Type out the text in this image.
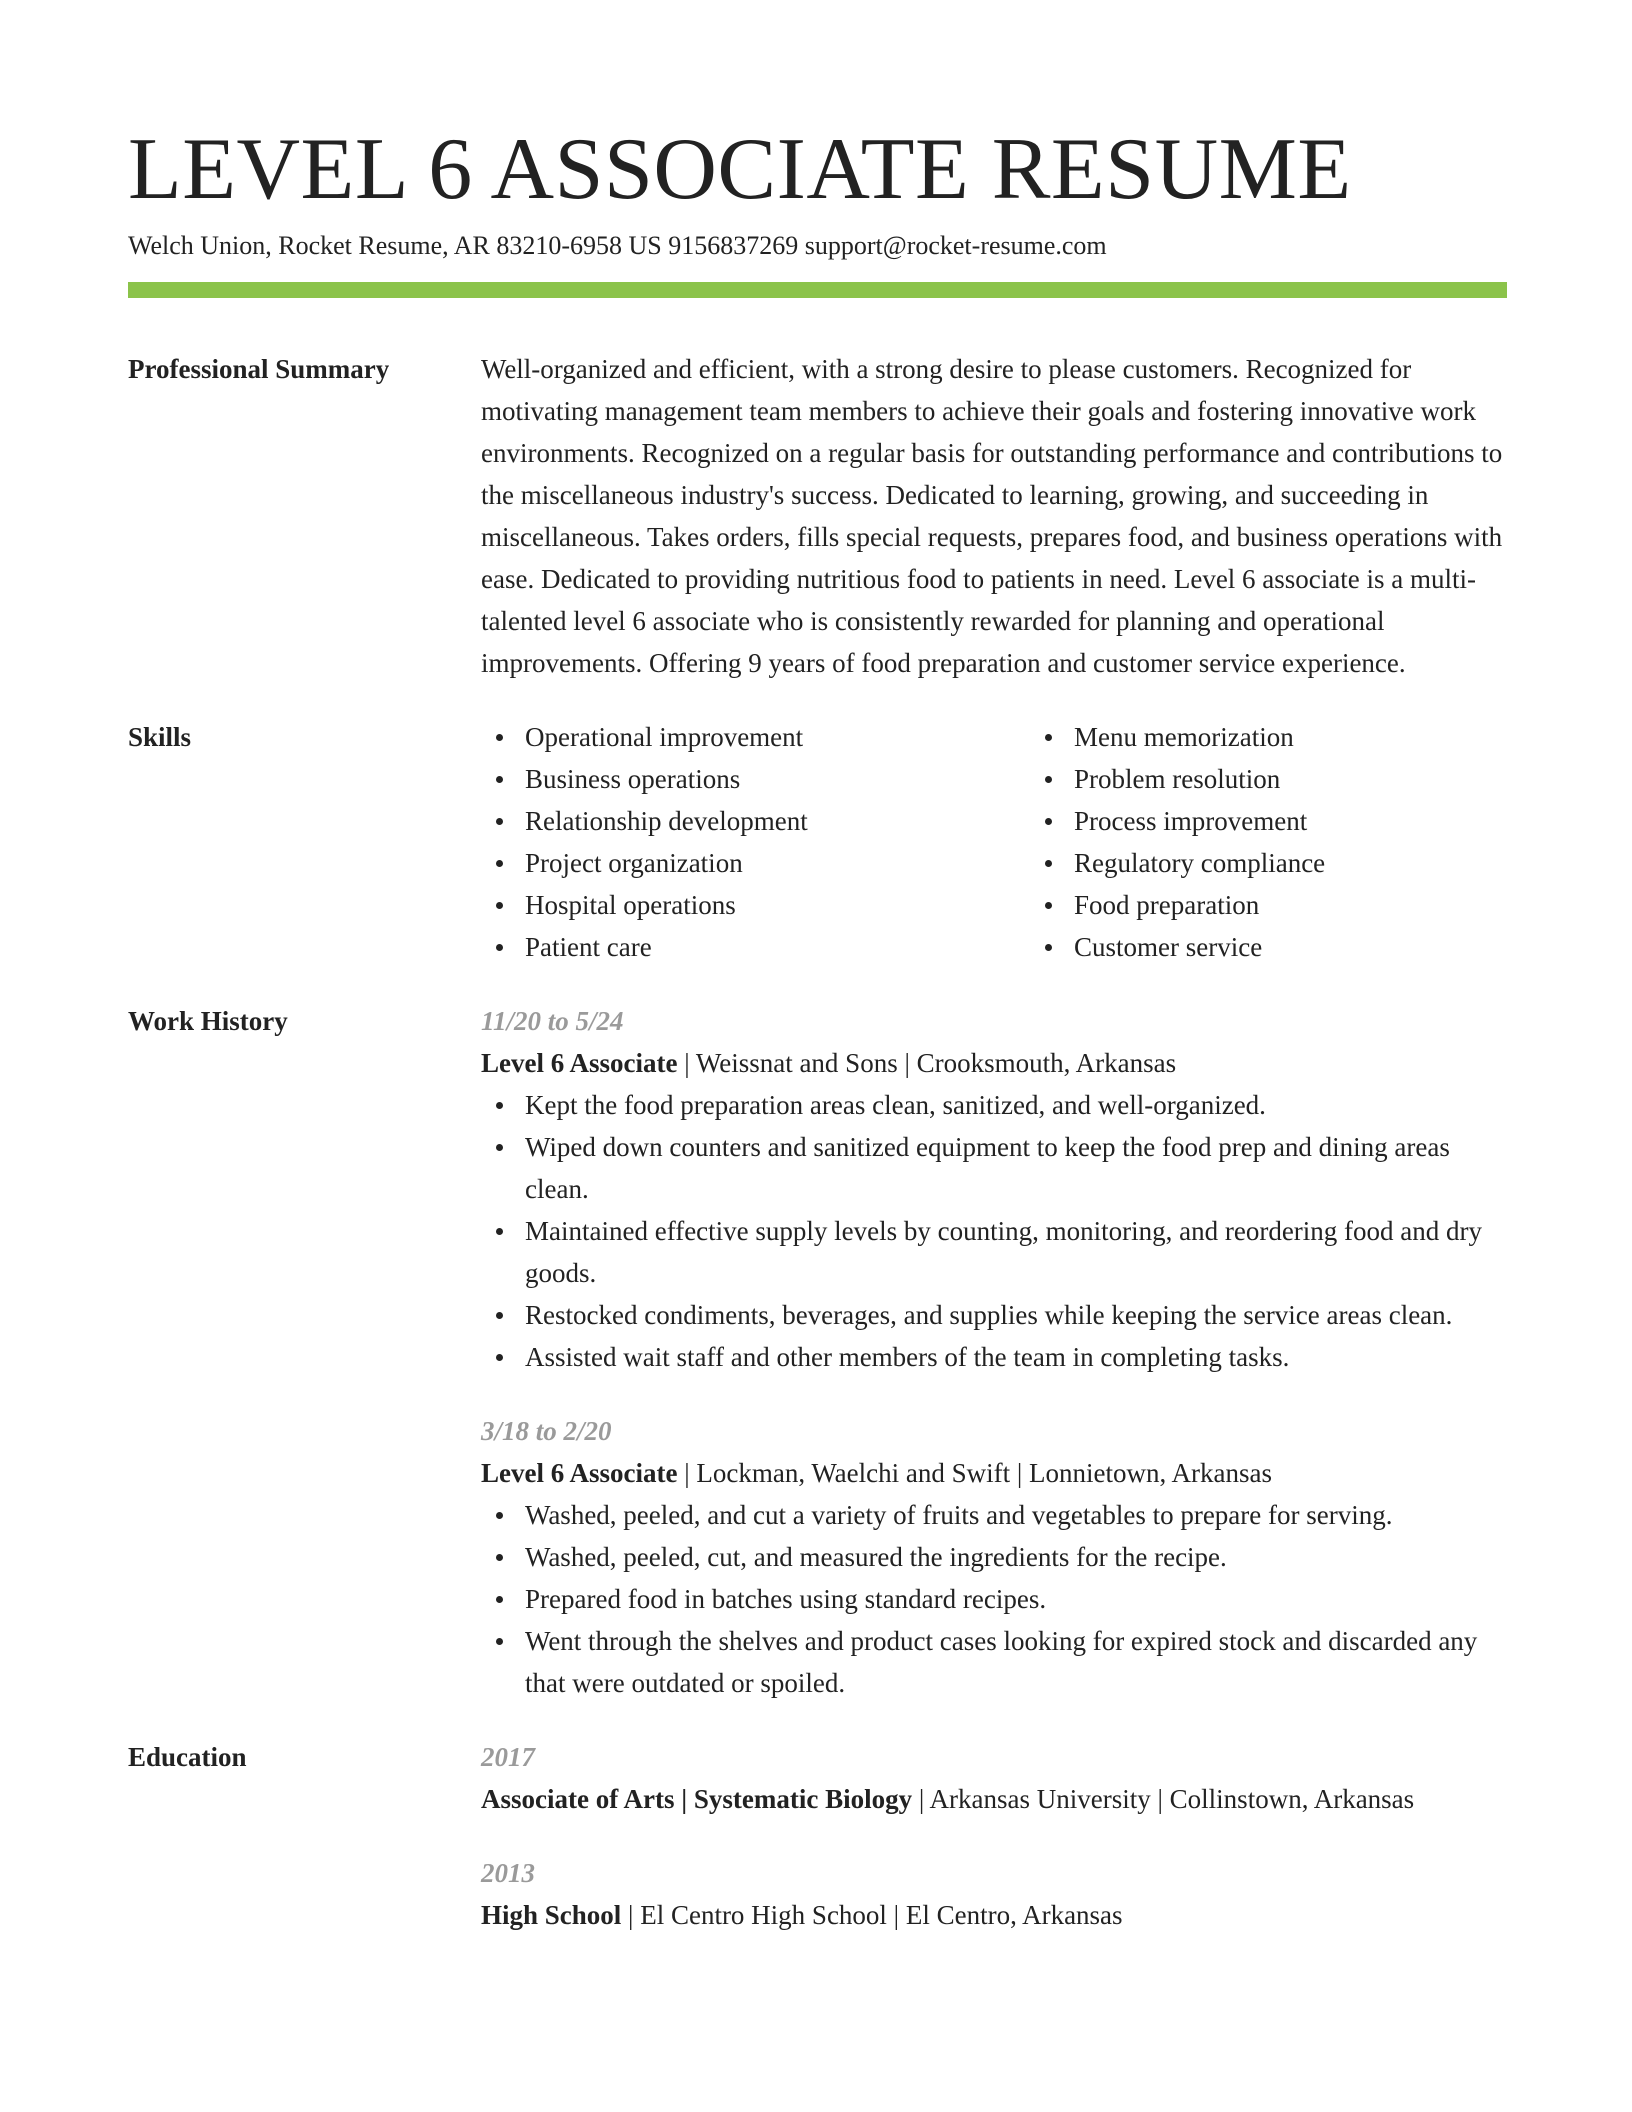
LEVEL 6 ASSOCIATE RESUME
Welch Union, Rocket Resume, AR 83210-6958 US 9156837269 support@rocket-resume.com
Professional Summary	Well-organized and efficient, with a strong desire to please customers. Recognized for motivating management team members to achieve their goals and fostering innovative work environments. Recognized on a regular basis for outstanding performance and contributions to the miscellaneous industry's success. Dedicated to learning, growing, and succeeding in miscellaneous. Takes orders, fills special requests, prepares food, and business operations with ease. Dedicated to providing nutritious food to patients in need. Level 6 associate is a multi-talented level 6 associate who is consistently rewarded for planning and operational improvements. Offering 9 years of food preparation and customer service experience.

Skills	Operational improvement
Business operations
Relationship development
Project organization
Hospital operations
Patient care
Menu memorization
Problem resolution
Process improvement
Regulatory compliance
Food preparation
Customer service
Work History	11/20 to 5/24
Level 6 Associate | Weissnat and Sons | Crooksmouth, Arkansas
Kept the food preparation areas clean, sanitized, and well-organized.
Wiped down counters and sanitized equipment to keep the food prep and dining areas clean.
Maintained effective supply levels by counting, monitoring, and reordering food and dry goods.
Restocked condiments, beverages, and supplies while keeping the service areas clean.
Assisted wait staff and other members of the team in completing tasks.
3/18 to 2/20
Level 6 Associate | Lockman, Waelchi and Swift | Lonnietown, Arkansas
Washed, peeled, and cut a variety of fruits and vegetables to prepare for serving.
Washed, peeled, cut, and measured the ingredients for the recipe.
Prepared food in batches using standard recipes.
Went through the shelves and product cases looking for expired stock and discarded any that were outdated or spoiled.
Education	2017
Associate of Arts | Systematic Biology | Arkansas University | Collinstown, Arkansas
2013
High School | El Centro High School | El Centro, Arkansas
